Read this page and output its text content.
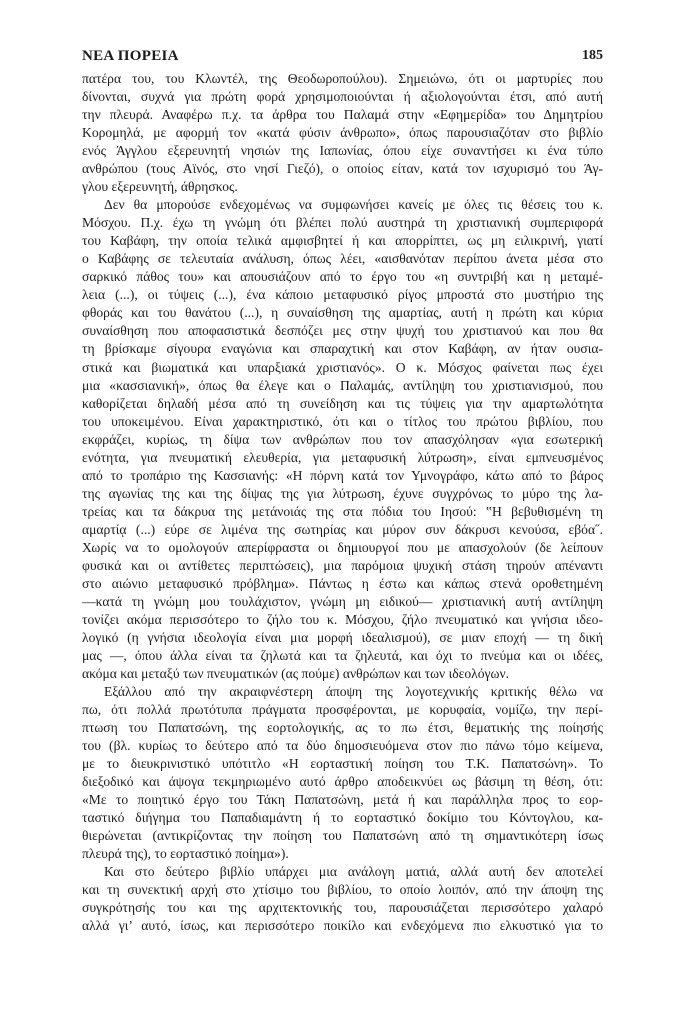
ΝΕΑ ΠΟΡΕΙΑ	185
πατέρα του, του Κλωντέλ, της Θεοδωροπούλου). Σημειώνω, ότι οι μαρτυρίες που
δίνονται, συχνά για πρώτη φορά χρησιμοποιούνται ή αξιολογούνται έτσι, από αυτή
την πλευρά. Αναφέρω π.χ. τα άρθρα του Παλαμά στην «Εφημερίδα» του Δημητρίου
Κορομηλά, με αφορμή τον «κατά φύσιν άνθρωπο», όπως παρουσιαζόταν στο βιβλίο
ενός Άγγλου εξερευνητή νησιών της Ιαπωνίας, όπου είχε συναντήσει κι ένα τύπο
ανθρώπου (τους Αϊνός, στο νησί Γιεζό), ο οποίος είταν, κατά τον ισχυρισμό του Άγ-
γλου εξερευνητή, άθρησκος.
Δεν θα μπορούσε ενδεχομένως να συμφωνήσει κανείς με όλες τις θέσεις του κ.
Μόσχου. Π.χ. έχω τη γνώμη ότι βλέπει πολύ αυστηρά τη χριστιανική συμπεριφορά
του Καβάφη, την οποία τελικά αμφισβητεί ή και απορρίπτει, ως μη ειλικρινή, γιατί
ο Καβάφης σε τελευταία ανάλυση, όπως λέει, «αισθανόταν περίπου άνετα μέσα στο
σαρκικό πάθος του» και απουσιάζουν από το έργο του «η συντριβή και η μεταμέ-
λεια (...), οι τύψεις (...), ένα κάποιο μεταφυσικό ρίγος μπροστά στο μυστήριο της
φθοράς και του θανάτου (...), η συναίσθηση της αμαρτίας, αυτή η πρώτη και κύρια
συναίσθηση που αποφασιστικά δεσπόζει μες στην ψυχή του χριστιανού και που θα
τη βρίσκαμε σίγουρα εναγώνια και σπαραχτική και στον Καβάφη, αν ήταν ουσια-
στικά και βιωματικά και υπαρξιακά χριστιανός». Ο κ. Μόσχος φαίνεται πως έχει
μια «κασσιανική», όπως θα έλεγε και ο Παλαμάς, αντίληψη του χριστιανισμού, που
καθορίζεται δηλαδή μέσα από τη συνείδηση και τις τύψεις για την αμαρτωλότητα
του υποκειμένου. Είναι χαρακτηριστικό, ότι και ο τίτλος του πρώτου βιβλίου, που
εκφράζει, κυρίως, τη δίψα των ανθρώπων που τον απασχόλησαν «για εσωτερική
ενότητα, για πνευματική ελευθερία, για μεταφυσική λύτρωση», είναι εμπνευσμένος
από το τροπάριο της Κασσιανής: «Η πόρνη κατά τον Υμνογράφο, κάτω από το βάρος
της αγωνίας της και της δίψας της για λύτρωση, έχυνε συγχρόνως το μύρο της λα-
τρείας και τα δάκρυα της μετάνοιάς της στα πόδια του Ιησού: ‟Η βεβυθισμένη τη
αμαρτίᾳ (...) εύρε σε λιμένα της σωτηρίας και μύρον συν δάκρυσι κενούσα, εβόα˝.
Χωρίς να το ομολογούν απερίφραστα οι δημιουργοί που με απασχολούν (δε λείπουν
φυσικά και οι αντίθετες περιπτώσεις), μια παρόμοια ψυχική στάση τηρούν απέναντι
στο αιώνιο μεταφυσικό πρόβλημα». Πάντως η έστω και κάπως στενά οροθετημένη
—κατά τη γνώμη μου τουλάχιστον, γνώμη μη ειδικού— χριστιανική αυτή αντίληψη
τονίζει ακόμα περισσότερο το ζήλο του κ. Μόσχου, ζήλο πνευματικό και γνήσια ιδεο-
λογικό (η γνήσια ιδεολογία είναι μια μορφή ιδεαλισμού), σε μιαν εποχή — τη δική
μας —, όπου άλλα είναι τα ζηλωτά και τα ζηλευτά, και όχι το πνεύμα και οι ιδέες,
ακόμα και μεταξύ των πνευματικών (ας πούμε) ανθρώπων και των ιδεολόγων.
Εξάλλου από την ακραιφνέστερη άποψη της λογοτεχνικής κριτικής θέλω να
πω, ότι πολλά πρωτότυπα πράγματα προσφέρονται, με κορυφαία, νομίζω, την περί-
πτωση του Παπατσώνη, της εορτολογικής, ας το πω έτσι, θεματικής της ποίησής
του (βλ. κυρίως το δεύτερο από τα δύο δημοσιευόμενα στον πιο πάνω τόμο κείμενα,
με το διευκρινιστικό υπότιτλο «Η εορταστική ποίηση του Τ.Κ. Παπατσώνη». Το
διεξοδικό και άψογα τεκμηριωμένο αυτό άρθρο αποδεικνύει ως βάσιμη τη θέση, ότι:
«Με το ποιητικό έργο του Τάκη Παπατσώνη, μετά ή και παράλληλα προς το εορ-
ταστικό διήγημα του Παπαδιαμάντη ή το εορταστικό δοκίμιο του Κόντογλου, κα-
θιερώνεται (αντικρίζοντας την ποίηση του Παπατσώνη από τη σημαντικότερη ίσως
πλευρά της), το εορταστικό ποίημα»).
Και στο δεύτερο βιβλίο υπάρχει μια ανάλογη ματιά, αλλά αυτή δεν αποτελεί
και τη συνεκτική αρχή στο χτίσιμο του βιβλίου, το οποίο λοιπόν, από την άποψη της
συγκρότησής του και της αρχιτεκτονικής του, παρουσιάζεται περισσότερο χαλαρό
αλλά γι’ αυτό, ίσως, και περισσότερο ποικίλο και ενδεχόμενα πιο ελκυστικό για το
